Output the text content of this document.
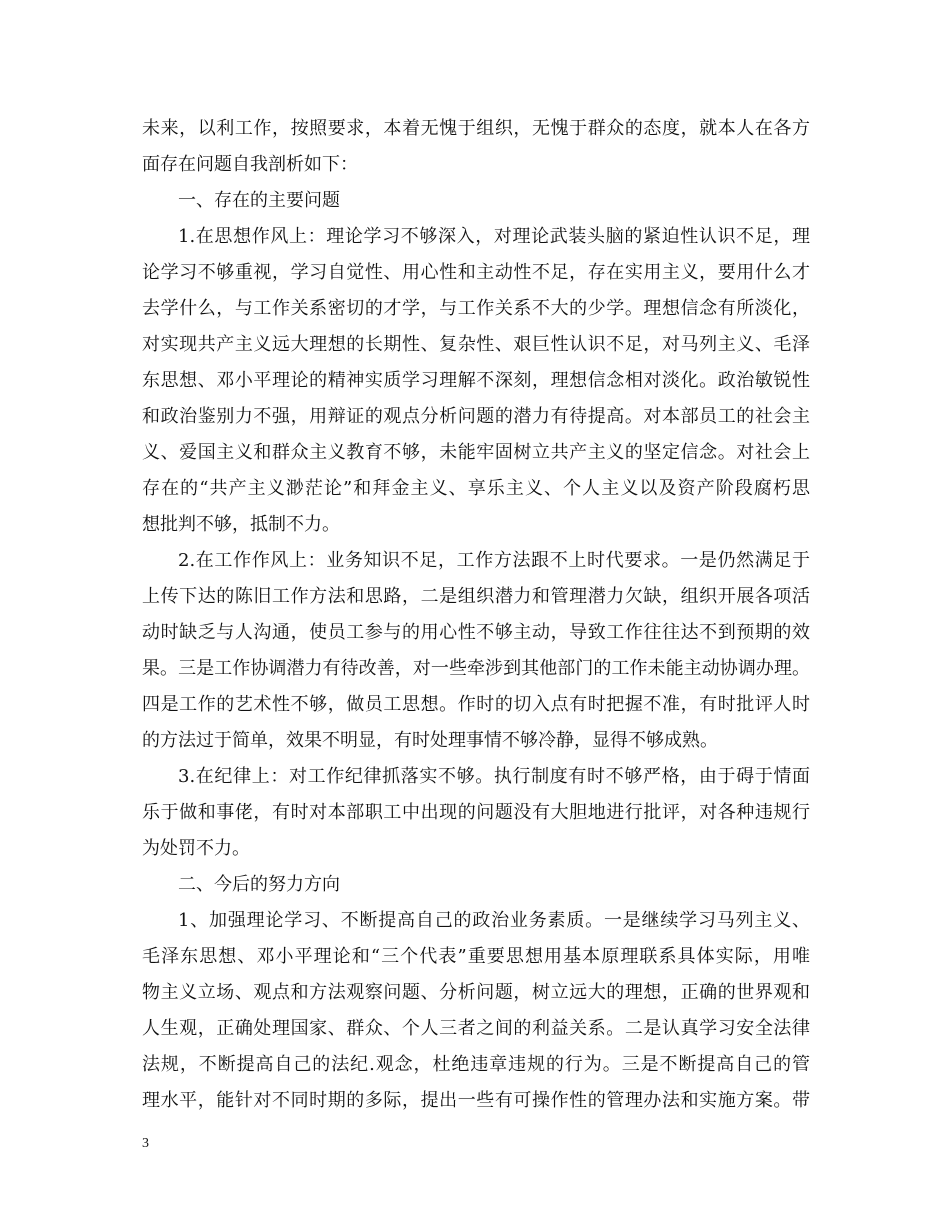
未来，以利工作，按照要求，本着无愧于组织，无愧于群众的态度，就本人在各方
面存在问题自我剖析如下：
一、存在的主要问题
1.在思想作风上：理论学习不够深入，对理论武装头脑的紧迫性认识不足，理
论学习不够重视，学习自觉性、用心性和主动性不足，存在实用主义，要用什么才
去学什么，与工作关系密切的才学，与工作关系不大的少学。理想信念有所淡化，
对实现共产主义远大理想的长期性、复杂性、艰巨性认识不足，对马列主义、毛泽
东思想、邓小平理论的精神实质学习理解不深刻，理想信念相对淡化。政治敏锐性
和政治鉴别力不强，用辩证的观点分析问题的潜力有待提高。对本部员工的社会主
义、爱国主义和群众主义教育不够，未能牢固树立共产主义的坚定信念。对社会上
存在的“共产主义渺茫论”和拜金主义、享乐主义、个人主义以及资产阶段腐朽思
想批判不够，抵制不力。
2.在工作作风上：业务知识不足，工作方法跟不上时代要求。一是仍然满足于
上传下达的陈旧工作方法和思路，二是组织潜力和管理潜力欠缺，组织开展各项活
动时缺乏与人沟通，使员工参与的用心性不够主动，导致工作往往达不到预期的效
果。三是工作协调潜力有待改善，对一些牵涉到其他部门的工作未能主动协调办理。
四是工作的艺术性不够，做员工思想。作时的切入点有时把握不准，有时批评人时
的方法过于简单，效果不明显，有时处理事情不够冷静，显得不够成熟。
3.在纪律上：对工作纪律抓落实不够。执行制度有时不够严格，由于碍于情面
乐于做和事佬，有时对本部职工中出现的问题没有大胆地进行批评，对各种违规行
为处罚不力。
二、今后的努力方向
1、加强理论学习、不断提高自己的政治业务素质。一是继续学习马列主义、
毛泽东思想、邓小平理论和“三个代表”重要思想用基本原理联系具体实际，用唯
物主义立场、观点和方法观察问题、分析问题，树立远大的理想，正确的世界观和
人生观，正确处理国家、群众、个人三者之间的利益关系。二是认真学习安全法律
法规，不断提高自己的法纪.观念，杜绝违章违规的行为。三是不断提高自己的管
理水平，能针对不同时期的多际，提出一些有可操作性的管理办法和实施方案。带
3
